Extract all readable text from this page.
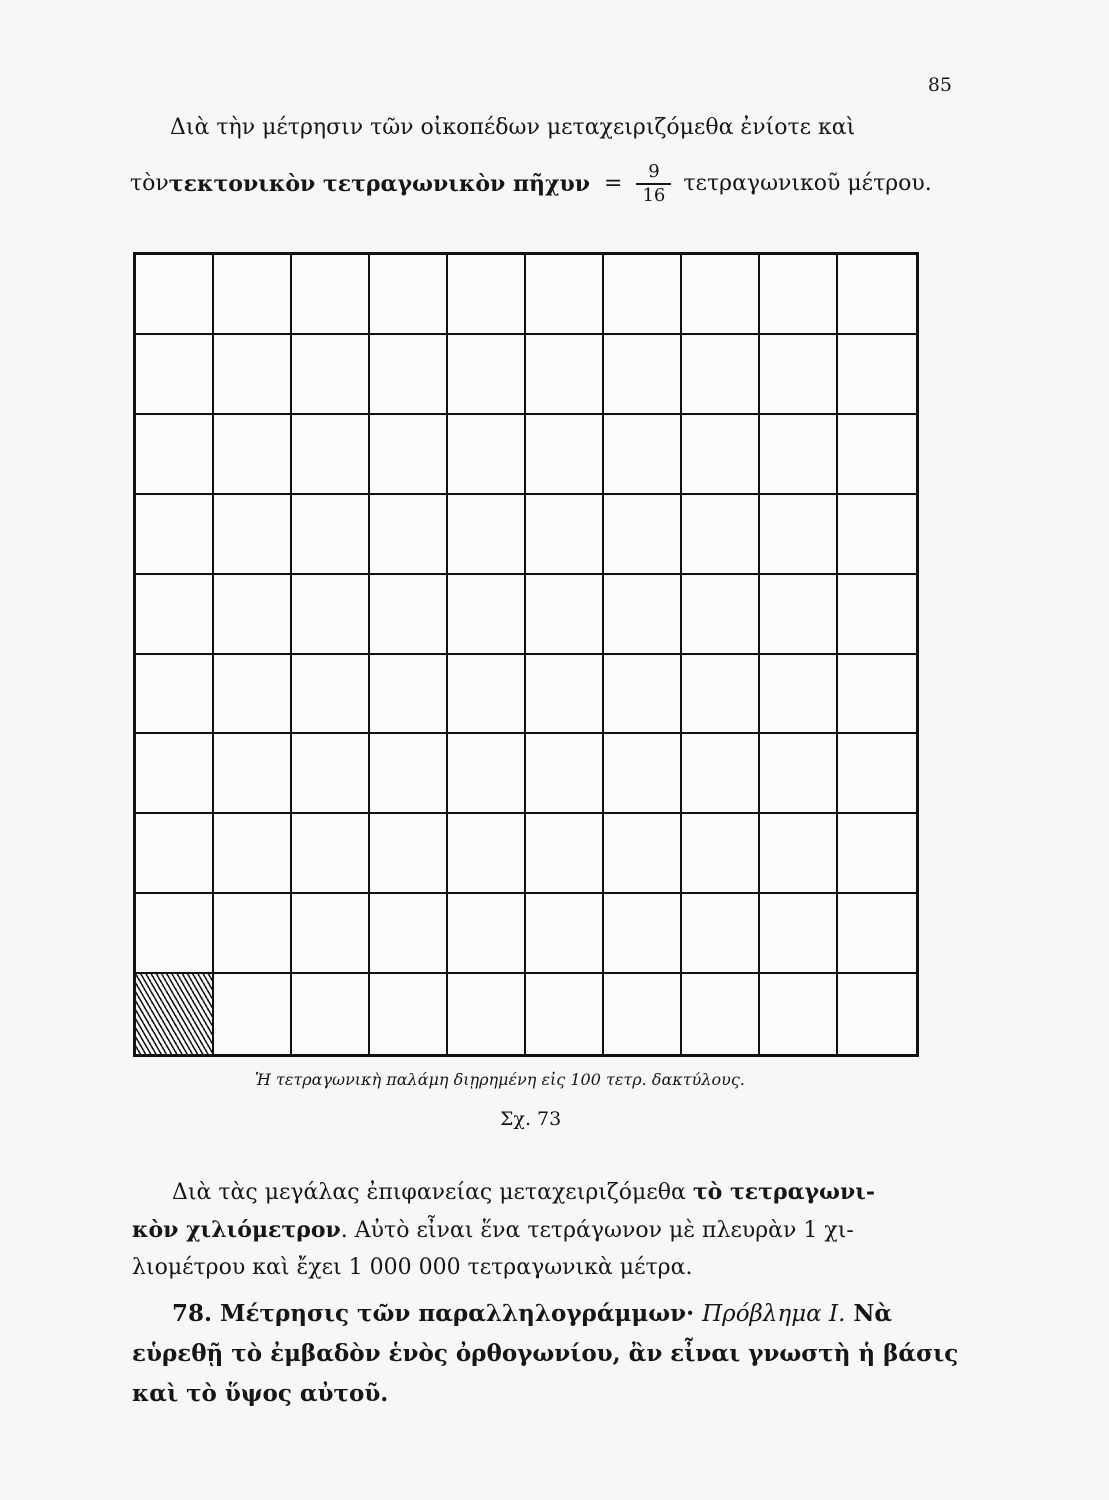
85
Διὰ τὴν μέτρησιν τῶν οἰκοπέδων μεταχειριζόμεθα ἐνίοτε καὶ
τὸν τεκτονικὸν τετραγωνικὸν πῆχυν = $\frac{9}{16}$ τετραγωνικοῦ μέτρου.
Ἡ τετραγωνικὴ παλάμη διῃρημένη εἰς 100 τετρ. δακτύλους.
Σχ. 73
Διὰ τὰς μεγάλας ἐπιφανείας μεταχειριζόμεθα τὸ τετραγωνι-
κὸν χιλιόμετρον. Αὐτὸ εἶναι ἕνα τετράγωνον μὲ πλευρὰν 1 χι-
λιομέτρου καὶ ἔχει 1 000 000 τετραγωνικὰ μέτρα.
78. Μέτρησις τῶν παραλληλογράμμων· Πρόβλημα Ι. Νὰ
εὑρεθῇ τὸ ἐμβαδὸν ἑνὸς ὀρθογωνίου, ἂν εἶναι γνωστὴ ἡ βάσις
καὶ τὸ ὕψος αὐτοῦ.
